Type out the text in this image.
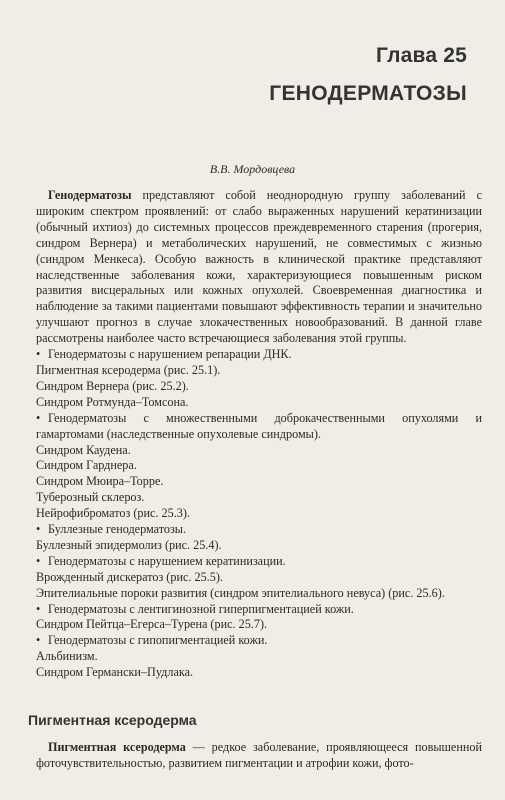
Глава 25
ГЕНОДЕРМАТОЗЫ
В.В. Мордовцева

Генодерматозы представляют собой неоднородную группу заболеваний с широким спектром проявлений: от слабо выраженных нарушений кератинизации (обычный ихтиоз) до системных процессов преждевременного старения (прогерия, синдром Вернера) и метаболических нарушений, не совместимых с жизнью (синдром Менкеса). Особую важность в клинической практике представляют наследственные заболевания кожи, характеризующиеся повышенным риском развития висцеральных или кожных опухолей. Своевременная диагностика и наблюдение за такими пациентами повышают эффективность терапии и значительно улучшают прогноз в случае злокачественных новообразований. В данной главе рассмотрены наиболее часто встречающиеся заболевания этой группы.

• Генодерматозы с нарушением репарации ДНК.
Пигментная ксеродерма (рис. 25.1).
Синдром Вернера (рис. 25.2).
Синдром Ротмунда–Томсона.
• Генодерматозы с множественными доброкачественными опухолями и гамартомами (наследственные опухолевые синдромы).
Синдром Каудена.
Синдром Гарднера.
Синдром Мюира–Торре.
Туберозный склероз.
Нейрофиброматоз (рис. 25.3).
• Буллезные генодерматозы.
Буллезный эпидермолиз (рис. 25.4).
• Генодерматозы с нарушением кератинизации.
Врожденный дискератоз (рис. 25.5).
Эпителиальные пороки развития (синдром эпителиального невуса) (рис. 25.6).
• Генодерматозы с лентигинозной гиперпигментацией кожи.
Синдром Пейтца–Егерса–Турена (рис. 25.7).
• Генодерматозы с гипопигментацией кожи.
Альбинизм.
Синдром Германски–Пудлака.
Пигментная ксеродерма

Пигментная ксеродерма — редкое заболевание, проявляющееся повышенной фоточувствительностью, развитием пигментации и атрофии кожи, фото-
